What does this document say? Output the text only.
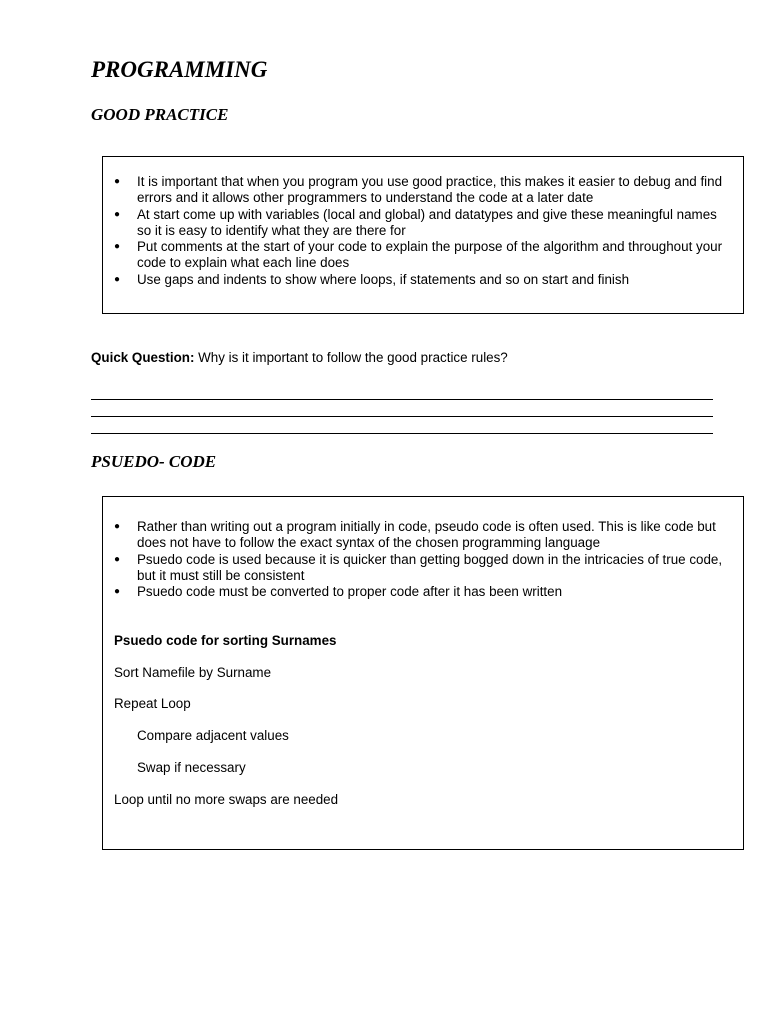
PROGRAMMING
GOOD PRACTICE
● It is important that when you program you use good practice, this makes it easier to debug and find errors and it allows other programmers to understand the code at a later date
● At start come up with variables (local and global) and datatypes and give these meaningful names so it is easy to identify what they are there for
● Put comments at the start of your code to explain the purpose of the algorithm and throughout your code to explain what each line does
● Use gaps and indents to show where loops, if statements and so on start and finish
Quick Question: Why is it important to follow the good practice rules?
PSUEDO- CODE
● Rather than writing out a program initially in code, pseudo code is often used. This is like code but does not have to follow the exact syntax of the chosen programming language
● Psuedo code is used because it is quicker than getting bogged down in the intricacies of true code, but it must still be consistent
● Psuedo code must be converted to proper code after it has been written

Psuedo code for sorting Surnames

Sort Namefile by Surname

Repeat Loop

Compare adjacent values

Swap if necessary

Loop until no more swaps are needed
